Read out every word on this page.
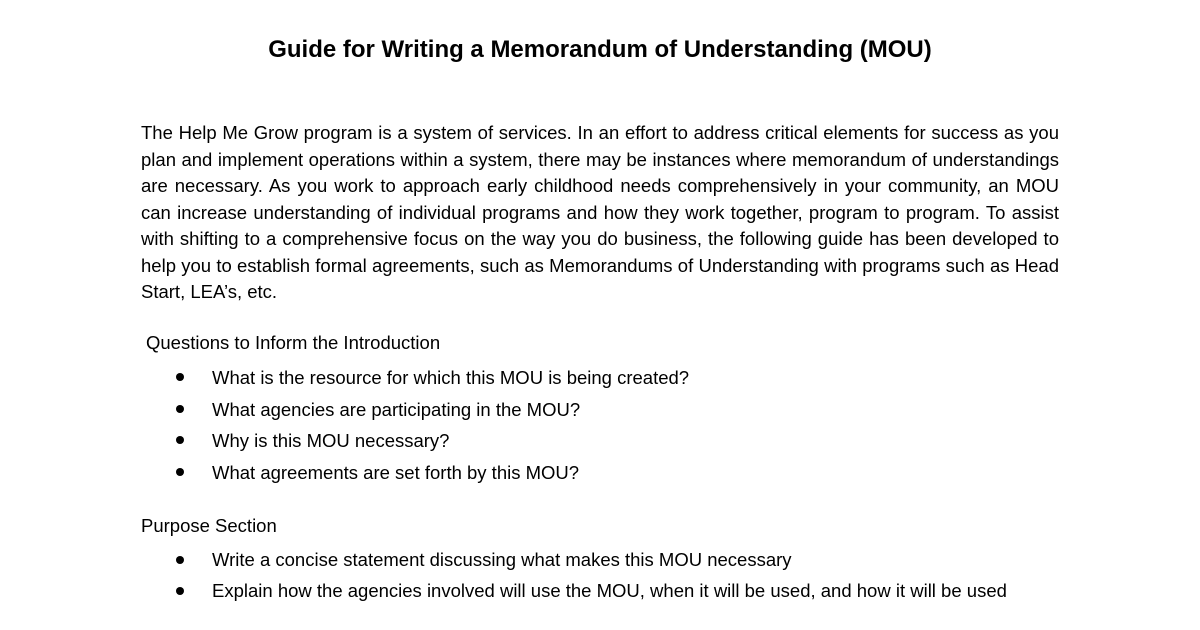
Guide for Writing a Memorandum of Understanding (MOU)

The Help Me Grow program is a system of services. In an effort to address critical elements for success as you plan and implement operations within a system, there may be instances where memorandum of understandings are necessary. As you work to approach early childhood needs comprehensively in your community, an MOU can increase understanding of individual programs and how they work together, program to program. To assist with shifting to a comprehensive focus on the way you do business, the following guide has been developed to help you to establish formal agreements, such as Memorandums of Understanding with programs such as Head Start, LEA’s, etc.

Questions to Inform the Introduction
What is the resource for which this MOU is being created?
What agencies are participating in the MOU?
Why is this MOU necessary?
What agreements are set forth by this MOU?
Purpose Section
Write a concise statement discussing what makes this MOU necessary
Explain how the agencies involved will use the MOU, when it will be used, and how it will be used
